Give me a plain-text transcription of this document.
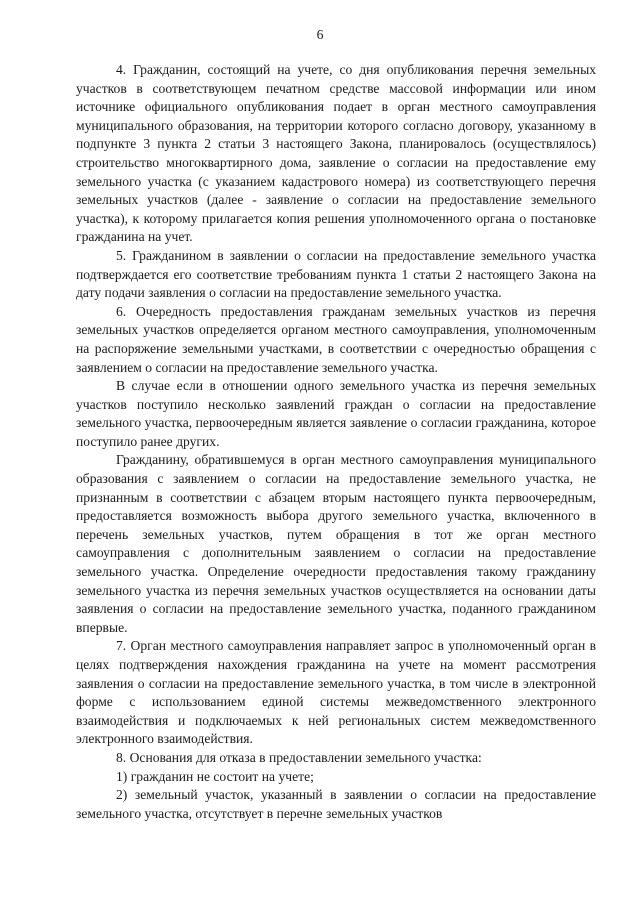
6

4. Гражданин, состоящий на учете, со дня опубликования перечня земельных участков в соответствующем печатном средстве массовой информации или ином источнике официального опубликования подает в орган местного самоуправления муниципального образования, на территории которого согласно договору, указанному в подпункте 3 пункта 2 статьи 3 настоящего Закона, планировалось (осуществлялось) строительство многоквартирного дома, заявление о согласии на предоставление ему земельного участка (с указанием кадастрового номера) из соответствующего перечня земельных участков (далее - заявление о согласии на предоставление земельного участка), к которому прилагается копия решения уполномоченного органа о постановке гражданина на учет.

5. Гражданином в заявлении о согласии на предоставление земельного участка подтверждается его соответствие требованиям пункта 1 статьи 2 настоящего Закона на дату подачи заявления о согласии на предоставление земельного участка.

6. Очередность предоставления гражданам земельных участков из перечня земельных участков определяется органом местного самоуправления, уполномоченным на распоряжение земельными участками, в соответствии с очередностью обращения с заявлением о согласии на предоставление земельного участка.

В случае если в отношении одного земельного участка из перечня земельных участков поступило несколько заявлений граждан о согласии на предоставление земельного участка, первоочередным является заявление о согласии гражданина, которое поступило ранее других.

Гражданину, обратившемуся в орган местного самоуправления муниципального образования с заявлением о согласии на предоставление земельного участка, не признанным в соответствии с абзацем вторым настоящего пункта первоочередным, предоставляется возможность выбора другого земельного участка, включенного в перечень земельных участков, путем обращения в тот же орган местного самоуправления с дополнительным заявлением о согласии на предоставление земельного участка. Определение очередности предоставления такому гражданину земельного участка из перечня земельных участков осуществляется на основании даты заявления о согласии на предоставление земельного участка, поданного гражданином впервые.

7. Орган местного самоуправления направляет запрос в уполномоченный орган в целях подтверждения нахождения гражданина на учете на момент рассмотрения заявления о согласии на предоставление земельного участка, в том числе в электронной форме с использованием единой системы межведомственного электронного взаимодействия и подключаемых к ней региональных систем межведомственного электронного взаимодействия.

8. Основания для отказа в предоставлении земельного участка:

1) гражданин не состоит на учете;

2) земельный участок, указанный в заявлении о согласии на предоставление земельного участка, отсутствует в перечне земельных участков
